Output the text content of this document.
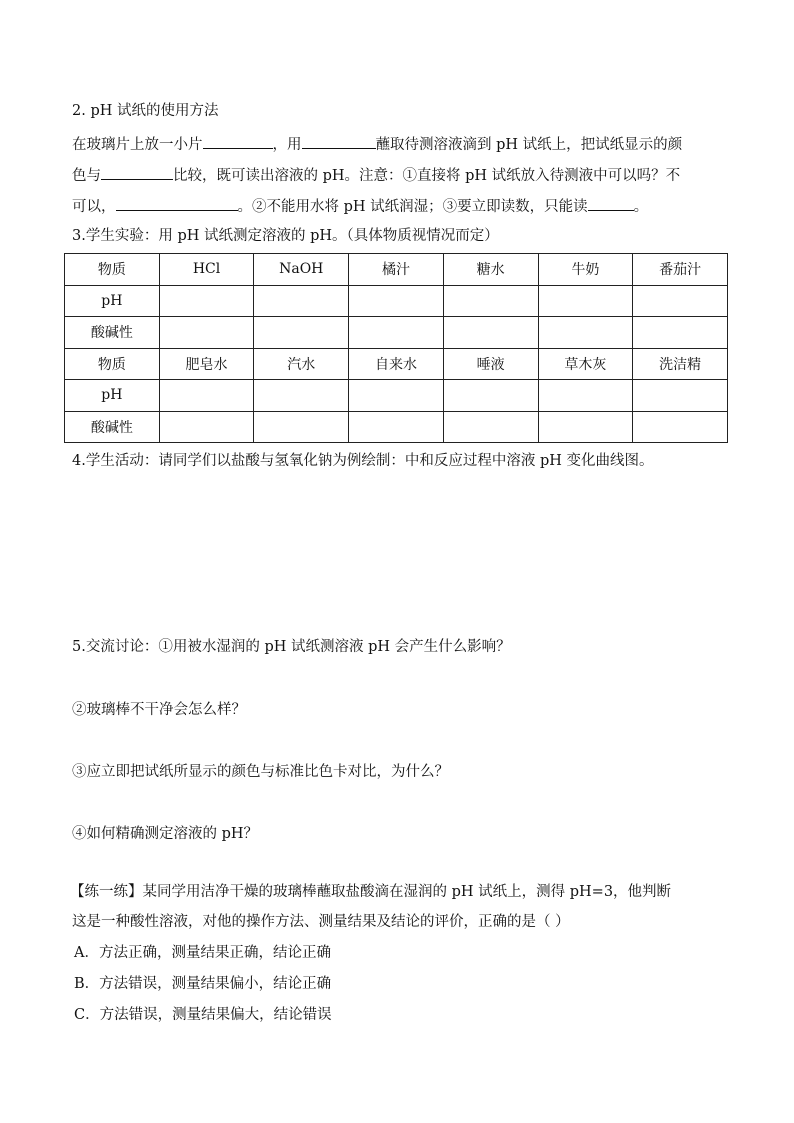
2. pH 试纸的使用方法
在玻璃片上放一小片	，用	蘸取待测溶液滴到 pH 试纸上，把试纸显示的颜
色与	比较，既可读出溶液的 pH。注意：①直接将 pH 试纸放入待测液中可以吗？不
可以，	。②不能用水将 pH 试纸润湿；③要立即读数，只能读	。
3.学生实验：用 pH 试纸测定溶液的 pH。（具体物质视情况而定）
物质	HCl	NaOH	橘汁	糖水	牛奶	番茄汁
pH						
酸碱性						
物质	肥皂水	汽水	自来水	唾液	草木灰	洗洁精
pH						
酸碱性						
4.学生活动：请同学们以盐酸与氢氧化钠为例绘制：中和反应过程中溶液 pH 变化曲线图。
5.交流讨论：①用被水湿润的 pH 试纸测溶液 pH 会产生什么影响？
②玻璃棒不干净会怎么样？
③应立即把试纸所显示的颜色与标准比色卡对比，为什么？
④如何精确测定溶液的 pH？
【练一练】某同学用洁净干燥的玻璃棒蘸取盐酸滴在湿润的 pH 试纸上，测得 pH=3，他判断
这是一种酸性溶液，对他的操作方法、测量结果及结论的评价，正确的是（ ）
A．方法正确，测量结果正确，结论正确
B．方法错误，测量结果偏小，结论正确
C．方法错误，测量结果偏大，结论错误
